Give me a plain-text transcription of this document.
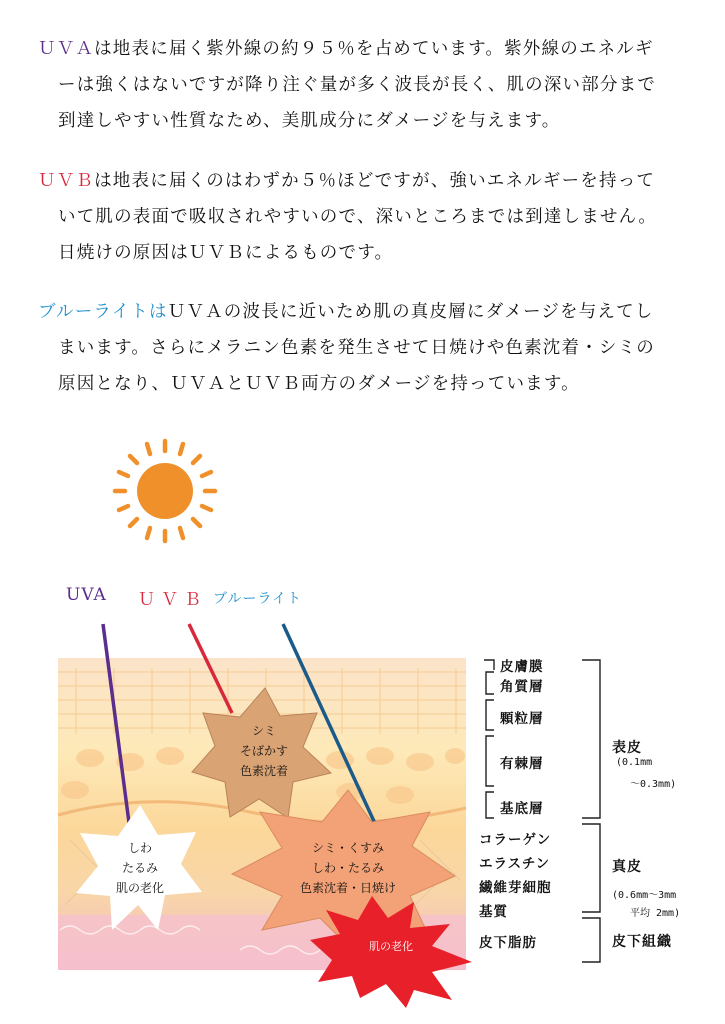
ＵＶＡは地表に届く紫外線の約９５％を占めています。紫外線のエネルギ
ーは強くはないですが降り注ぐ量が多く波長が長く、肌の深い部分まで
到達しやすい性質なため、美肌成分にダメージを与えます。
ＵＶＢは地表に届くのはわずか５％ほどですが、強いエネルギーを持って
いて肌の表面で吸収されやすいので、深いところまでは到達しません。
日焼けの原因はＵＶＢによるものです。
ブルーライトはＵＶＡの波長に近いため肌の真皮層にダメージを与えてし
まいます。さらにメラニン色素を発生させて日焼けや色素沈着・シミの
原因となり、ＵＶＡとＵＶＢ両方のダメージを持っています。
UVA ＵＶＢ ブルーライト
シミ
そばかす
色素沈着
シミ・くすみ
しわ・たるみ
色素沈着・日焼け
しわ
たるみ
肌の老化
肌の老化
皮膚膜
角質層
顆粒層
有棘層
基底層
コラーゲン
エラスチン
繊維芽細胞
基質
皮下脂肪
表皮
(0.1mm
～0.3mm)
真皮
(0.6mm～3mm
平均 2mm)
皮下組織
